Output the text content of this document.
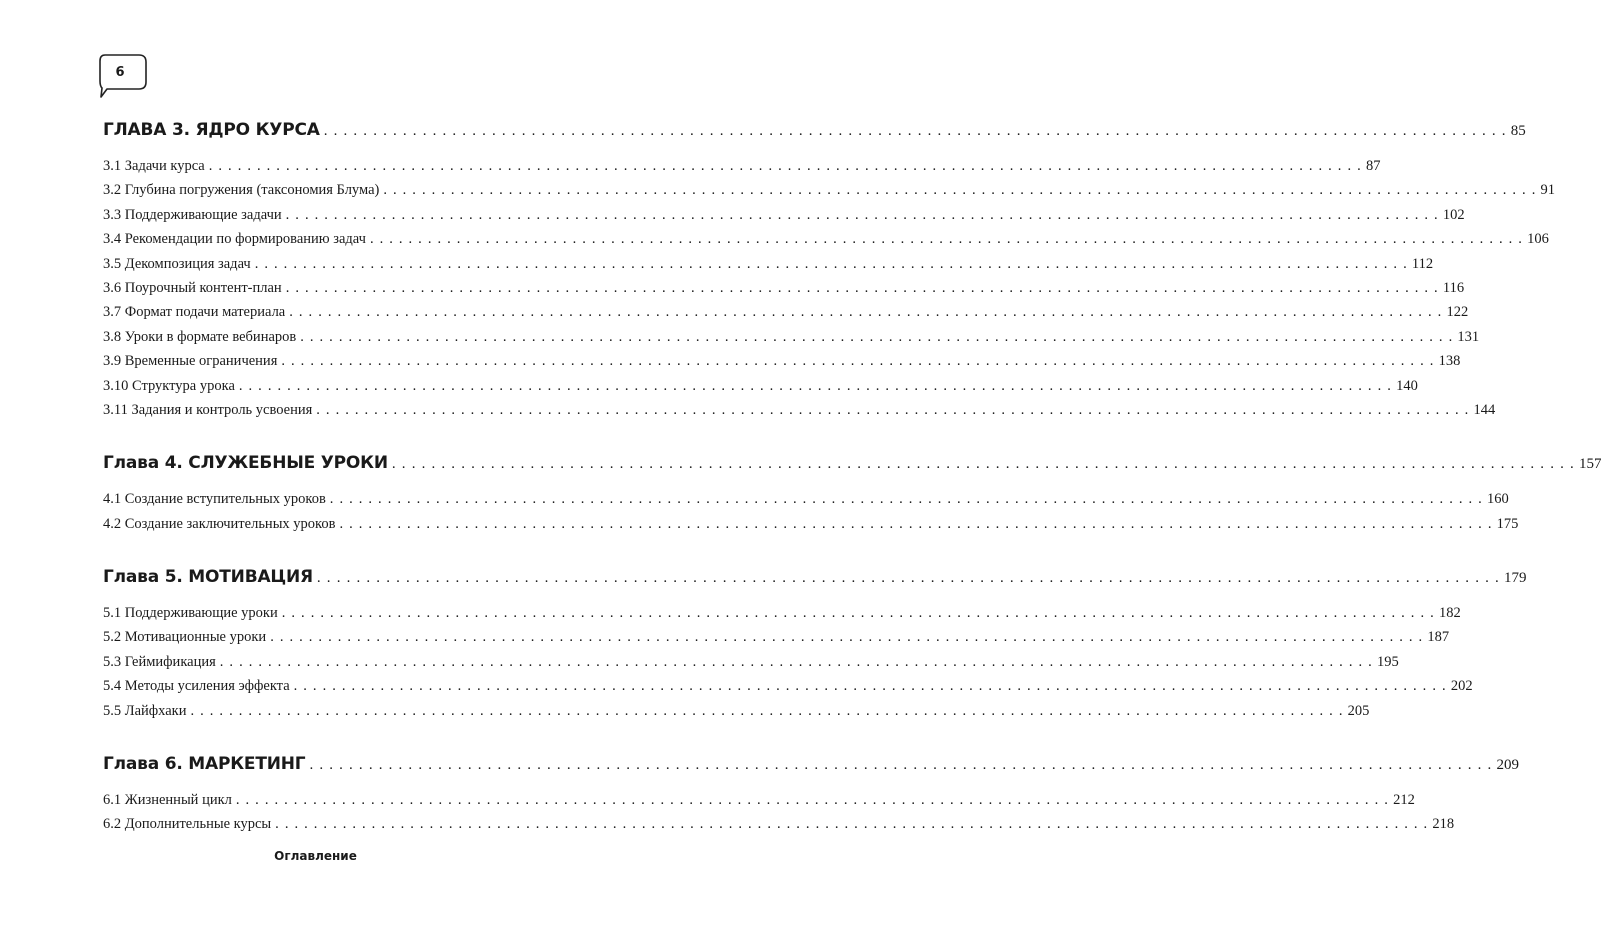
6
ГЛАВА 3. ЯДРО КУРСА . . . . . . . . . . . . . . . . . . . . . . . . . . . . . . . . . . . . . . . . . . . . . . . . . . . . . . . . . . . . . . . . . . . . . . . . . . . . . . . . . . . . . . . . . . . . . . . . . . . . . . . . . . . . . . . . . . . . . . . . 85
3.1 Задачи курса . . . . . . . . . . . . . . . . . . . . . . . . . . . . . . . . . . . . . . . . . . . . . . . . . . . . . . . . . . . . . . . . . . . . . . . . . . . . . . . . . . . . . . . . . . . . . . . . . . . . . . . . . . . . . . . . . . . . . . . . 87
3.2 Глубина погружения (таксономия Блума) . . . . . . . . . . . . . . . . . . . . . . . . . . . . . . . . . . . . . . . . . . . . . . . . . . . . . . . . . . . . . . . . . . . . . . . . . . . . . . . . . . . . . . . . . . . . . . . . . . . . . . . . . . . . . . . . . . . . . . . . 91
3.3 Поддерживающие задачи . . . . . . . . . . . . . . . . . . . . . . . . . . . . . . . . . . . . . . . . . . . . . . . . . . . . . . . . . . . . . . . . . . . . . . . . . . . . . . . . . . . . . . . . . . . . . . . . . . . . . . . . . . . . . . . . . . . . . . . . 102
3.4 Рекомендации по формированию задач . . . . . . . . . . . . . . . . . . . . . . . . . . . . . . . . . . . . . . . . . . . . . . . . . . . . . . . . . . . . . . . . . . . . . . . . . . . . . . . . . . . . . . . . . . . . . . . . . . . . . . . . . . . . . . . . . . . . . . . . 106
3.5 Декомпозиция задач . . . . . . . . . . . . . . . . . . . . . . . . . . . . . . . . . . . . . . . . . . . . . . . . . . . . . . . . . . . . . . . . . . . . . . . . . . . . . . . . . . . . . . . . . . . . . . . . . . . . . . . . . . . . . . . . . . . . . . . . 112
3.6 Поурочный контент-план . . . . . . . . . . . . . . . . . . . . . . . . . . . . . . . . . . . . . . . . . . . . . . . . . . . . . . . . . . . . . . . . . . . . . . . . . . . . . . . . . . . . . . . . . . . . . . . . . . . . . . . . . . . . . . . . . . . . . . . . 116
3.7 Формат подачи материала . . . . . . . . . . . . . . . . . . . . . . . . . . . . . . . . . . . . . . . . . . . . . . . . . . . . . . . . . . . . . . . . . . . . . . . . . . . . . . . . . . . . . . . . . . . . . . . . . . . . . . . . . . . . . . . . . . . . . . . . 122
3.8 Уроки в формате вебинаров . . . . . . . . . . . . . . . . . . . . . . . . . . . . . . . . . . . . . . . . . . . . . . . . . . . . . . . . . . . . . . . . . . . . . . . . . . . . . . . . . . . . . . . . . . . . . . . . . . . . . . . . . . . . . . . . . . . . . . . . 131
3.9 Временные ограничения . . . . . . . . . . . . . . . . . . . . . . . . . . . . . . . . . . . . . . . . . . . . . . . . . . . . . . . . . . . . . . . . . . . . . . . . . . . . . . . . . . . . . . . . . . . . . . . . . . . . . . . . . . . . . . . . . . . . . . . . 138
3.10 Структура урока . . . . . . . . . . . . . . . . . . . . . . . . . . . . . . . . . . . . . . . . . . . . . . . . . . . . . . . . . . . . . . . . . . . . . . . . . . . . . . . . . . . . . . . . . . . . . . . . . . . . . . . . . . . . . . . . . . . . . . . . 140
3.11 Задания и контроль усвоения . . . . . . . . . . . . . . . . . . . . . . . . . . . . . . . . . . . . . . . . . . . . . . . . . . . . . . . . . . . . . . . . . . . . . . . . . . . . . . . . . . . . . . . . . . . . . . . . . . . . . . . . . . . . . . . . . . . . . . . . 144
Глава 4. СЛУЖЕБНЫЕ УРОКИ . . . . . . . . . . . . . . . . . . . . . . . . . . . . . . . . . . . . . . . . . . . . . . . . . . . . . . . . . . . . . . . . . . . . . . . . . . . . . . . . . . . . . . . . . . . . . . . . . . . . . . . . . . . . . . . . . . . . . . . . 157
4.1 Создание вступительных уроков . . . . . . . . . . . . . . . . . . . . . . . . . . . . . . . . . . . . . . . . . . . . . . . . . . . . . . . . . . . . . . . . . . . . . . . . . . . . . . . . . . . . . . . . . . . . . . . . . . . . . . . . . . . . . . . . . . . . . . . . 160
4.2 Создание заключительных уроков . . . . . . . . . . . . . . . . . . . . . . . . . . . . . . . . . . . . . . . . . . . . . . . . . . . . . . . . . . . . . . . . . . . . . . . . . . . . . . . . . . . . . . . . . . . . . . . . . . . . . . . . . . . . . . . . . . . . . . . . 175
Глава 5. МОТИВАЦИЯ . . . . . . . . . . . . . . . . . . . . . . . . . . . . . . . . . . . . . . . . . . . . . . . . . . . . . . . . . . . . . . . . . . . . . . . . . . . . . . . . . . . . . . . . . . . . . . . . . . . . . . . . . . . . . . . . . . . . . . . . 179
5.1 Поддерживающие уроки . . . . . . . . . . . . . . . . . . . . . . . . . . . . . . . . . . . . . . . . . . . . . . . . . . . . . . . . . . . . . . . . . . . . . . . . . . . . . . . . . . . . . . . . . . . . . . . . . . . . . . . . . . . . . . . . . . . . . . . . 182
5.2 Мотивационные уроки . . . . . . . . . . . . . . . . . . . . . . . . . . . . . . . . . . . . . . . . . . . . . . . . . . . . . . . . . . . . . . . . . . . . . . . . . . . . . . . . . . . . . . . . . . . . . . . . . . . . . . . . . . . . . . . . . . . . . . . . 187
5.3 Геймификация . . . . . . . . . . . . . . . . . . . . . . . . . . . . . . . . . . . . . . . . . . . . . . . . . . . . . . . . . . . . . . . . . . . . . . . . . . . . . . . . . . . . . . . . . . . . . . . . . . . . . . . . . . . . . . . . . . . . . . . . 195
5.4 Методы усиления эффекта . . . . . . . . . . . . . . . . . . . . . . . . . . . . . . . . . . . . . . . . . . . . . . . . . . . . . . . . . . . . . . . . . . . . . . . . . . . . . . . . . . . . . . . . . . . . . . . . . . . . . . . . . . . . . . . . . . . . . . . . 202
5.5 Лайфхаки . . . . . . . . . . . . . . . . . . . . . . . . . . . . . . . . . . . . . . . . . . . . . . . . . . . . . . . . . . . . . . . . . . . . . . . . . . . . . . . . . . . . . . . . . . . . . . . . . . . . . . . . . . . . . . . . . . . . . . . . 205
Глава 6. МАРКЕТИНГ . . . . . . . . . . . . . . . . . . . . . . . . . . . . . . . . . . . . . . . . . . . . . . . . . . . . . . . . . . . . . . . . . . . . . . . . . . . . . . . . . . . . . . . . . . . . . . . . . . . . . . . . . . . . . . . . . . . . . . . . 209
6.1 Жизненный цикл . . . . . . . . . . . . . . . . . . . . . . . . . . . . . . . . . . . . . . . . . . . . . . . . . . . . . . . . . . . . . . . . . . . . . . . . . . . . . . . . . . . . . . . . . . . . . . . . . . . . . . . . . . . . . . . . . . . . . . . . 212
6.2 Дополнительные курсы . . . . . . . . . . . . . . . . . . . . . . . . . . . . . . . . . . . . . . . . . . . . . . . . . . . . . . . . . . . . . . . . . . . . . . . . . . . . . . . . . . . . . . . . . . . . . . . . . . . . . . . . . . . . . . . . . . . . . . . . 218
Оглавление
